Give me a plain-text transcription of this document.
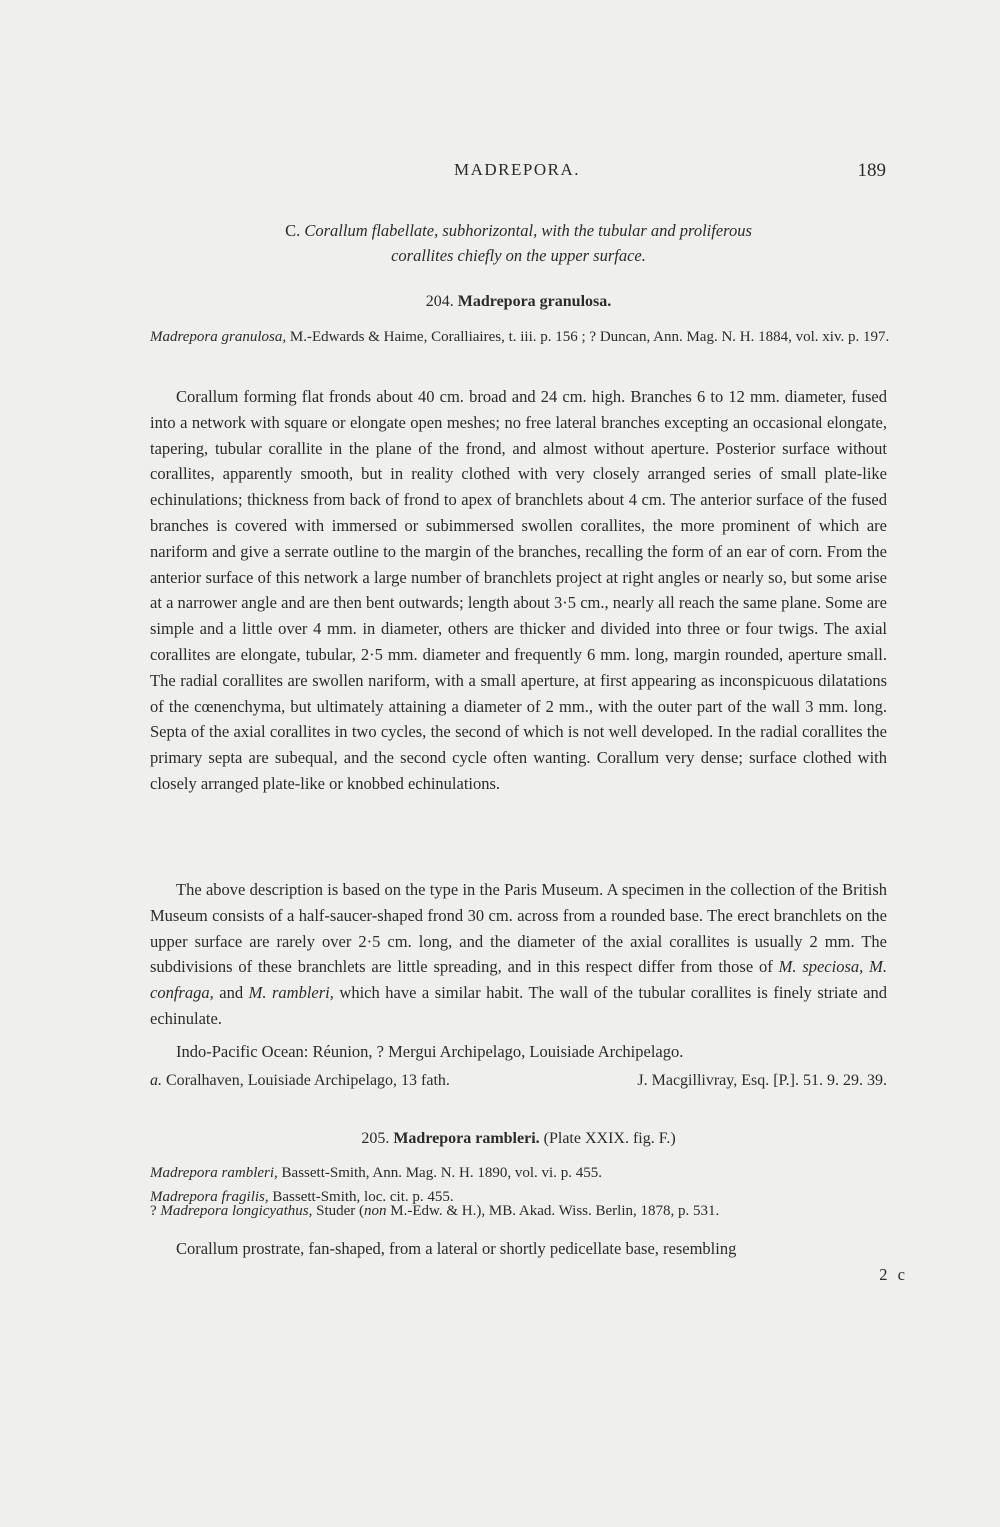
MADREPORA.	189
C. Corallum flabellate, subhorizontal, with the tubular and proliferous
corallites chiefly on the upper surface.
204. Madrepora granulosa.
Madrepora granulosa, M.-Edwards & Haime, Coralliaires, t. iii. p. 156 ; ? Duncan, Ann. Mag. N. H. 1884, vol. xiv. p. 197.

Corallum forming flat fronds about 40 cm. broad and 24 cm. high. Branches 6 to 12 mm. diameter, fused into a network with square or elongate open meshes; no free lateral branches excepting an occasional elongate, tapering, tubular corallite in the plane of the frond, and almost without aperture. Posterior surface without corallites, apparently smooth, but in reality clothed with very closely arranged series of small plate-like echinulations; thickness from back of frond to apex of branchlets about 4 cm. The anterior surface of the fused branches is covered with immersed or subimmersed swollen corallites, the more prominent of which are nariform and give a serrate outline to the margin of the branches, recalling the form of an ear of corn. From the anterior surface of this network a large number of branchlets project at right angles or nearly so, but some arise at a narrower angle and are then bent outwards; length about 3·5 cm., nearly all reach the same plane. Some are simple and a little over 4 mm. in diameter, others are thicker and divided into three or four twigs. The axial corallites are elongate, tubular, 2·5 mm. diameter and frequently 6 mm. long, margin rounded, aperture small. The radial corallites are swollen nariform, with a small aperture, at first appearing as inconspicuous dilatations of the cœnenchyma, but ultimately attaining a diameter of 2 mm., with the outer part of the wall 3 mm. long. Septa of the axial corallites in two cycles, the second of which is not well developed. In the radial corallites the primary septa are subequal, and the second cycle often wanting. Corallum very dense; surface clothed with closely arranged plate-like or knobbed echinulations.

The above description is based on the type in the Paris Museum. A specimen in the collection of the British Museum consists of a half-saucer-shaped frond 30 cm. across from a rounded base. The erect branchlets on the upper surface are rarely over 2·5 cm. long, and the diameter of the axial corallites is usually 2 mm. The subdivisions of these branchlets are little spreading, and in this respect differ from those of M. speciosa, M. confraga, and M. rambleri, which have a similar habit. The wall of the tubular corallites is finely striate and echinulate.

Indo-Pacific Ocean: Réunion, ? Mergui Archipelago, Louisiade Archipelago.
a. Coralhaven, Louisiade Archipelago, 13 fath.	J. Macgillivray, Esq. [P.]. 51. 9. 29. 39.
205. Madrepora rambleri. (Plate XXIX. fig. F.)
Madrepora rambleri, Bassett-Smith, Ann. Mag. N. H. 1890, vol. vi. p. 455.
Madrepora fragilis, Bassett-Smith, loc. cit. p. 455.
? Madrepora longicyathus, Studer (non M.-Edw. & H.), MB. Akad. Wiss. Berlin, 1878, p. 531.

Corallum prostrate, fan-shaped, from a lateral or shortly pedicellate base, resembling

2 c
